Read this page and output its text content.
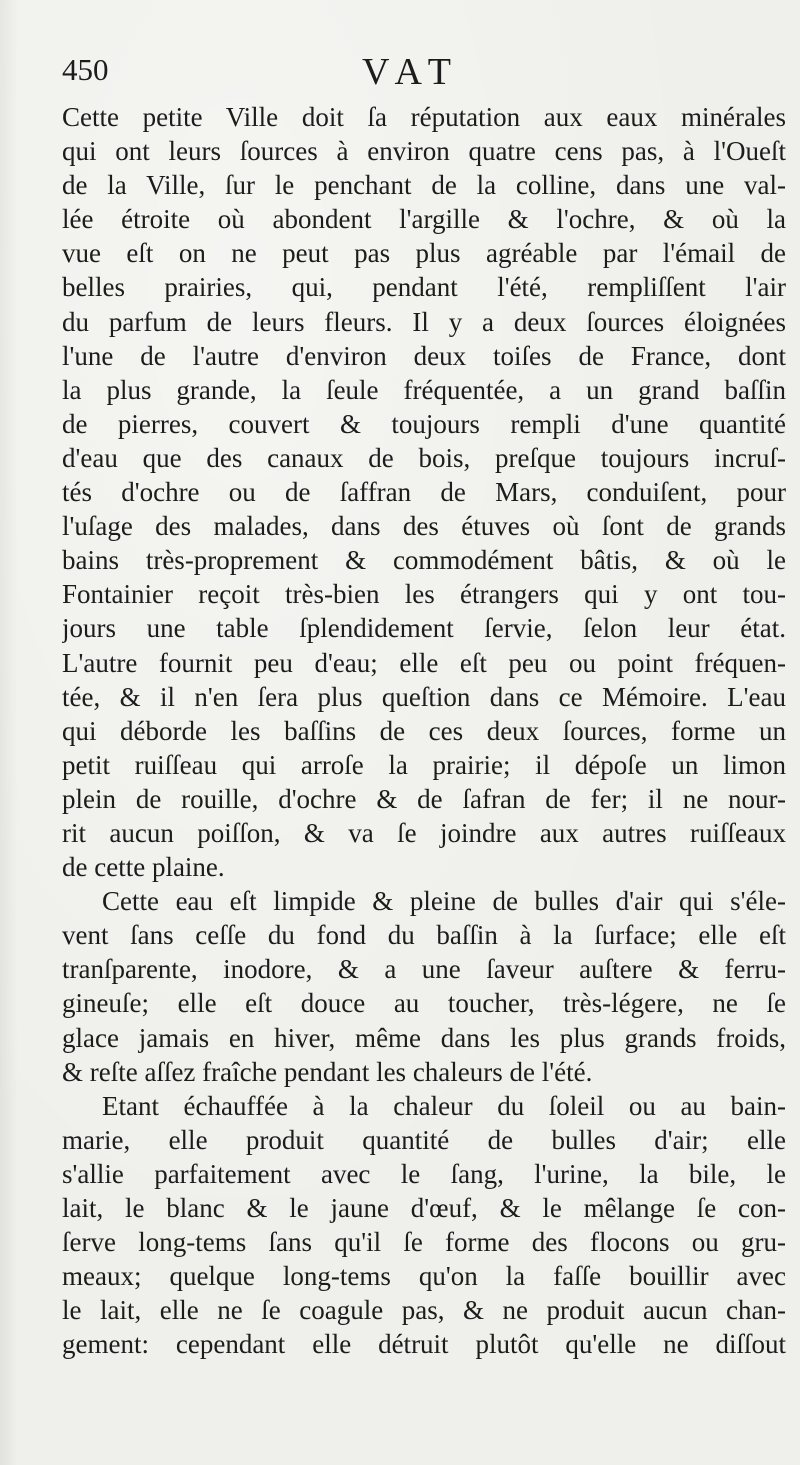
450	VAT
Cette petite Ville doit ſa réputation aux eaux minérales
qui ont leurs ſources à environ quatre cens pas, à l'Oueſt
de la Ville, ſur le penchant de la colline, dans une val-
lée étroite où abondent l'argille & l'ochre, & où la
vue eſt on ne peut pas plus agréable par l'émail de
belles prairies, qui, pendant l'été, rempliſſent l'air
du parfum de leurs fleurs. Il y a deux ſources éloignées
l'une de l'autre d'environ deux toiſes de France, dont
la plus grande, la ſeule fréquentée, a un grand baſſin
de pierres, couvert & toujours rempli d'une quantité
d'eau que des canaux de bois, preſque toujours incruſ-
tés d'ochre ou de ſaffran de Mars, conduiſent, pour
l'uſage des malades, dans des étuves où ſont de grands
bains très-proprement & commodément bâtis, & où le
Fontainier reçoit très-bien les étrangers qui y ont tou-
jours une table ſplendidement ſervie, ſelon leur état.
L'autre fournit peu d'eau; elle eſt peu ou point fréquen-
tée, & il n'en ſera plus queſtion dans ce Mémoire. L'eau
qui déborde les baſſins de ces deux ſources, forme un
petit ruiſſeau qui arroſe la prairie; il dépoſe un limon
plein de rouille, d'ochre & de ſafran de fer; il ne nour-
rit aucun poiſſon, & va ſe joindre aux autres ruiſſeaux
de cette plaine.
Cette eau eſt limpide & pleine de bulles d'air qui s'éle-
vent ſans ceſſe du fond du baſſin à la ſurface; elle eſt
tranſparente, inodore, & a une ſaveur auſtere & ferru-
gineuſe; elle eſt douce au toucher, très-légere, ne ſe
glace jamais en hiver, même dans les plus grands froids,
& reſte aſſez fraîche pendant les chaleurs de l'été.
Etant échauffée à la chaleur du ſoleil ou au bain-
marie, elle produit quantité de bulles d'air; elle
s'allie parfaitement avec le ſang, l'urine, la bile, le
lait, le blanc & le jaune d'œuf, & le mêlange ſe con-
ſerve long-tems ſans qu'il ſe forme des flocons ou gru-
meaux; quelque long-tems qu'on la faſſe bouillir avec
le lait, elle ne ſe coagule pas, & ne produit aucun chan-
gement: cependant elle détruit plutôt qu'elle ne diſſout
